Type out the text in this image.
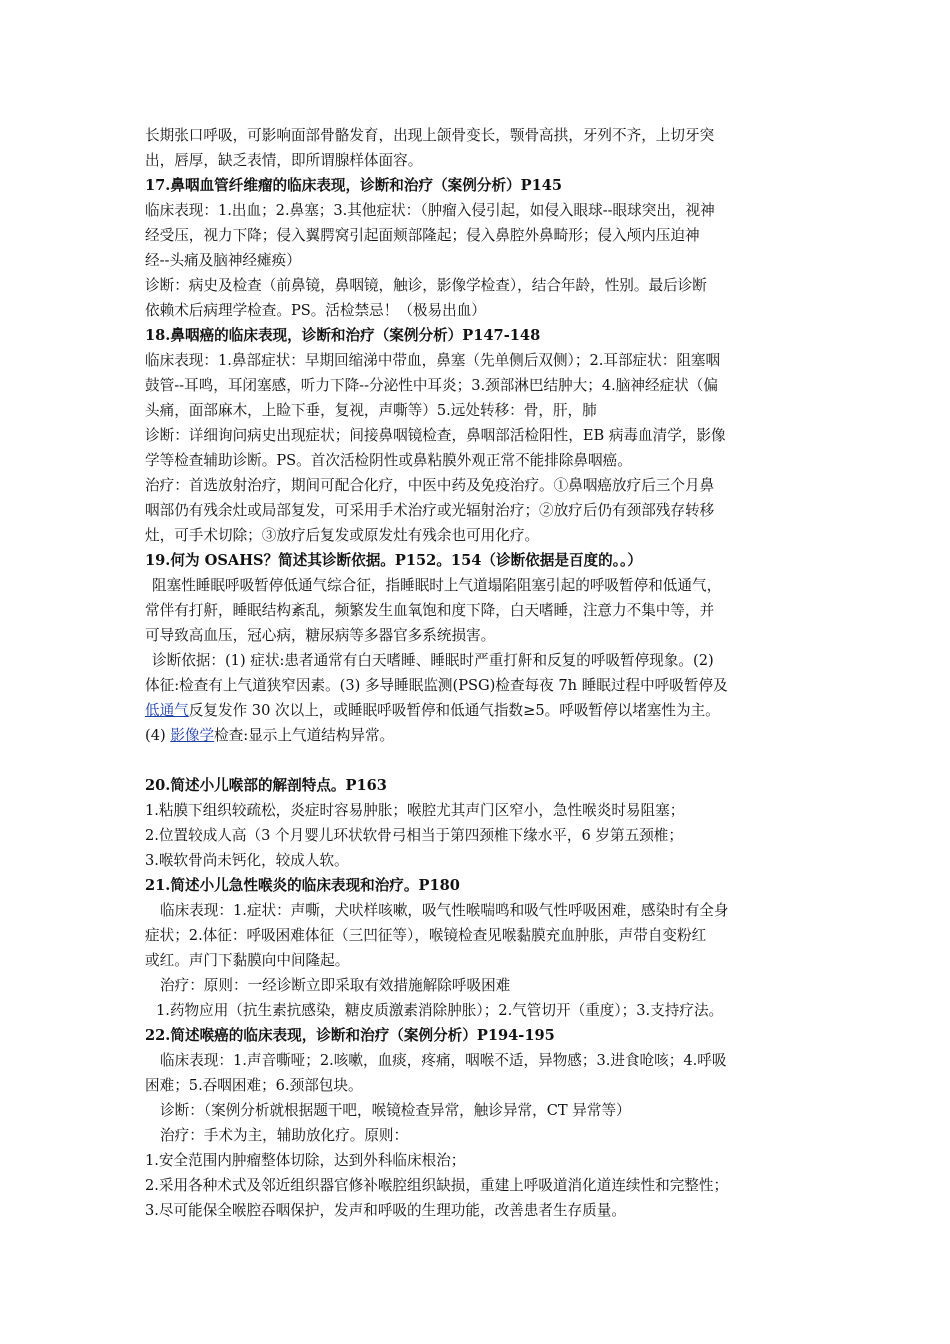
长期张口呼吸，可影响面部骨骼发育，出现上颌骨变长，颚骨高拱，牙列不齐，上切牙突
出，唇厚，缺乏表情，即所谓腺样体面容。
17.鼻咽血管纤维瘤的临床表现，诊断和治疗（案例分析）P145
临床表现：1.出血；2.鼻塞；3.其他症状：（肿瘤入侵引起，如侵入眼球--眼球突出，视神
经受压，视力下降；侵入翼腭窝引起面颊部隆起；侵入鼻腔外鼻畸形；侵入颅内压迫神
经--头痛及脑神经瘫痪）
诊断：病史及检查（前鼻镜，鼻咽镜，触诊，影像学检查），结合年龄，性别。最后诊断
依赖术后病理学检查。PS。活检禁忌！（极易出血）
18.鼻咽癌的临床表现，诊断和治疗（案例分析）P147-148
临床表现：1.鼻部症状：早期回缩涕中带血，鼻塞（先单侧后双侧）；2.耳部症状：阻塞咽
鼓管--耳鸣，耳闭塞感，听力下降--分泌性中耳炎；3.颈部淋巴结肿大；4.脑神经症状（偏
头痛，面部麻木，上睑下垂，复视，声嘶等）5.远处转移：骨，肝，肺
诊断：详细询问病史出现症状；间接鼻咽镜检查，鼻咽部活检阳性，EB 病毒血清学，影像
学等检查辅助诊断。PS。首次活检阴性或鼻粘膜外观正常不能排除鼻咽癌。
治疗：首选放射治疗，期间可配合化疗，中医中药及免疫治疗。①鼻咽癌放疗后三个月鼻
咽部仍有残余灶或局部复发，可采用手术治疗或光辐射治疗；②放疗后仍有颈部残存转移
灶，可手术切除；③放疗后复发或原发灶有残余也可用化疗。
19.何为 OSAHS？简述其诊断依据。P152。154（诊断依据是百度的。。）
阻塞性睡眠呼吸暂停低通气综合征，指睡眠时上气道塌陷阻塞引起的呼吸暂停和低通气，
常伴有打鼾，睡眠结构紊乱，频繁发生血氧饱和度下降，白天嗜睡，注意力不集中等，并
可导致高血压，冠心病，糖尿病等多器官多系统损害。
诊断依据：(1) 症状:患者通常有白天嗜睡、睡眠时严重打鼾和反复的呼吸暂停现象。(2)
体征:检查有上气道狭窄因素。(3) 多导睡眠监测(PSG)检查每夜 7h 睡眠过程中呼吸暂停及
低通气反复发作 30 次以上，或睡眠呼吸暂停和低通气指数≥5。呼吸暂停以堵塞性为主。
(4) 影像学检查:显示上气道结构异常。
20.简述小儿喉部的解剖特点。P163
1.粘膜下组织较疏松，炎症时容易肿胀；喉腔尤其声门区窄小，急性喉炎时易阻塞；
2.位置较成人高（3 个月婴儿环状软骨弓相当于第四颈椎下缘水平，6 岁第五颈椎；
3.喉软骨尚未钙化，较成人软。
21.简述小儿急性喉炎的临床表现和治疗。P180
临床表现：1.症状：声嘶，犬吠样咳嗽，吸气性喉喘鸣和吸气性呼吸困难，感染时有全身
症状；2.体征：呼吸困难体征（三凹征等），喉镜检查见喉黏膜充血肿胀，声带自变粉红
或红。声门下黏膜向中间隆起。
治疗：原则：一经诊断立即采取有效措施解除呼吸困难
1.药物应用（抗生素抗感染，糖皮质激素消除肿胀）；2.气管切开（重度）；3.支持疗法。
22.简述喉癌的临床表现，诊断和治疗（案例分析）P194-195
临床表现：1.声音嘶哑；2.咳嗽，血痰，疼痛，咽喉不适，异物感；3.进食呛咳；4.呼吸
困难；5.吞咽困难；6.颈部包块。
诊断：（案例分析就根据题干吧，喉镜检查异常，触诊异常，CT 异常等）
治疗：手术为主，辅助放化疗。原则：
1.安全范围内肿瘤整体切除，达到外科临床根治；
2.采用各种术式及邻近组织器官修补喉腔组织缺损，重建上呼吸道消化道连续性和完整性；
3.尽可能保全喉腔吞咽保护，发声和呼吸的生理功能，改善患者生存质量。
